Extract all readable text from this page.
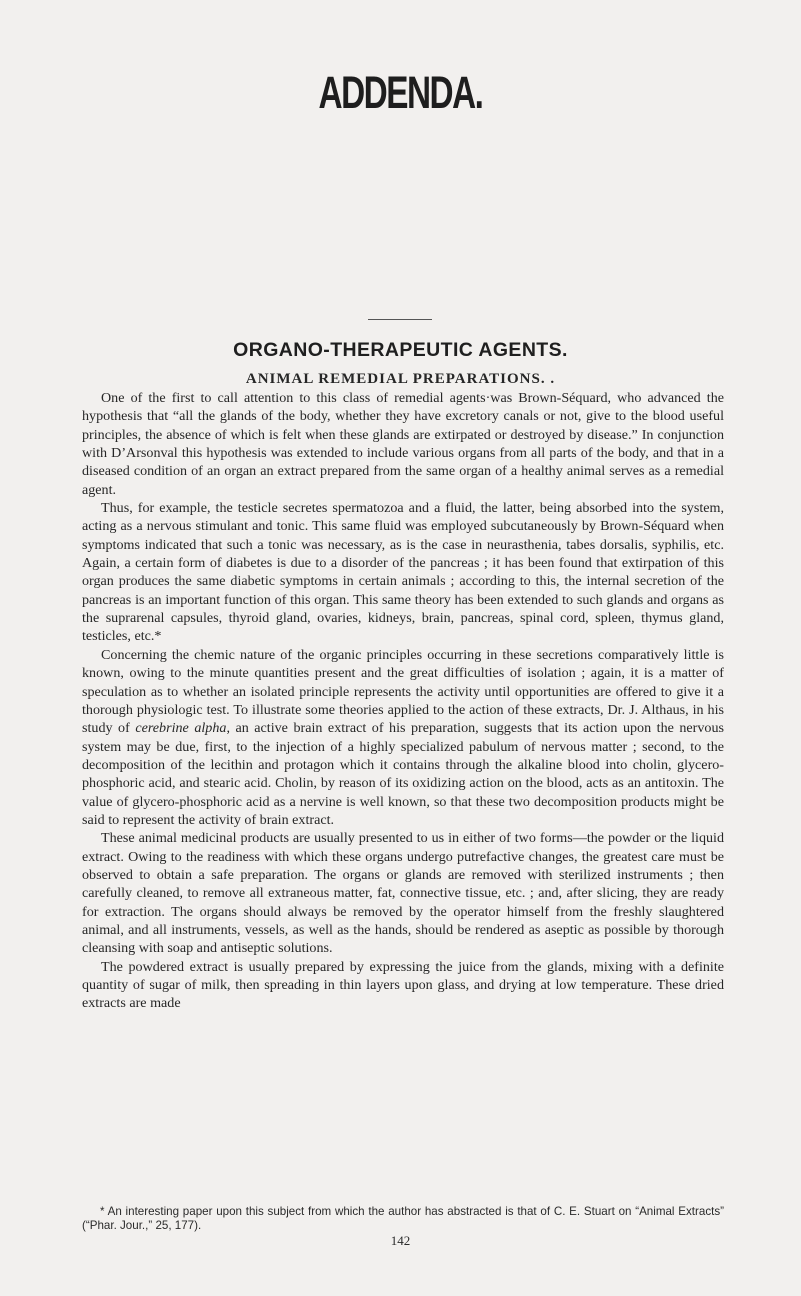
ADDENDA.
ORGANO-THERAPEUTIC AGENTS.
ANIMAL REMEDIAL PREPARATIONS. .

One of the first to call attention to this class of remedial agents·was Brown-Séquard, who advanced the hypothesis that “all the glands of the body, whether they have excretory canals or not, give to the blood useful principles, the absence of which is felt when these glands are extirpated or destroyed by disease.” In conjunction with D’Arsonval this hypothesis was extended to include various organs from all parts of the body, and that in a diseased condition of an organ an extract prepared from the same organ of a healthy animal serves as a remedial agent.

Thus, for example, the testicle secretes spermatozoa and a fluid, the latter, being absorbed into the system, acting as a nervous stimulant and tonic. This same fluid was employed subcutaneously by Brown-Séquard when symptoms indicated that such a tonic was necessary, as is the case in neurasthenia, tabes dorsalis, syphilis, etc. Again, a certain form of diabetes is due to a disorder of the pancreas ; it has been found that extirpation of this organ produces the same diabetic symptoms in certain animals ; according to this, the internal secretion of the pancreas is an important function of this organ. This same theory has been extended to such glands and organs as the suprarenal capsules, thyroid gland, ovaries, kidneys, brain, pancreas, spinal cord, spleen, thymus gland, testicles, etc.*

Concerning the chemic nature of the organic principles occurring in these secretions comparatively little is known, owing to the minute quantities present and the great difficulties of isolation ; again, it is a matter of speculation as to whether an isolated principle represents the activity until opportunities are offered to give it a thorough physiologic test. To illustrate some theories applied to the action of these extracts, Dr. J. Althaus, in his study of cerebrine alpha, an active brain extract of his preparation, suggests that its action upon the nervous system may be due, first, to the injection of a highly specialized pabulum of nervous matter ; second, to the decomposition of the lecithin and protagon which it contains through the alkaline blood into cholin, glycero-phosphoric acid, and stearic acid. Cholin, by reason of its oxidizing action on the blood, acts as an antitoxin. The value of glycero-phosphoric acid as a nervine is well known, so that these two decomposition products might be said to represent the activity of brain extract.

These animal medicinal products are usually presented to us in either of two forms—the powder or the liquid extract. Owing to the readiness with which these organs undergo putrefactive changes, the greatest care must be observed to obtain a safe preparation. The organs or glands are removed with sterilized instruments ; then carefully cleaned, to remove all extraneous matter, fat, connective tissue, etc. ; and, after slicing, they are ready for extraction. The organs should always be removed by the operator himself from the freshly slaughtered animal, and all instruments, vessels, as well as the hands, should be rendered as aseptic as possible by thorough cleansing with soap and antiseptic solutions.

The powdered extract is usually prepared by expressing the juice from the glands, mixing with a definite quantity of sugar of milk, then spreading in thin layers upon glass, and drying at low temperature. These dried extracts are made

* An interesting paper upon this subject from which the author has abstracted is that of C. E. Stuart on “Animal Extracts” (“Phar. Jour.,” 25, 177).

142
